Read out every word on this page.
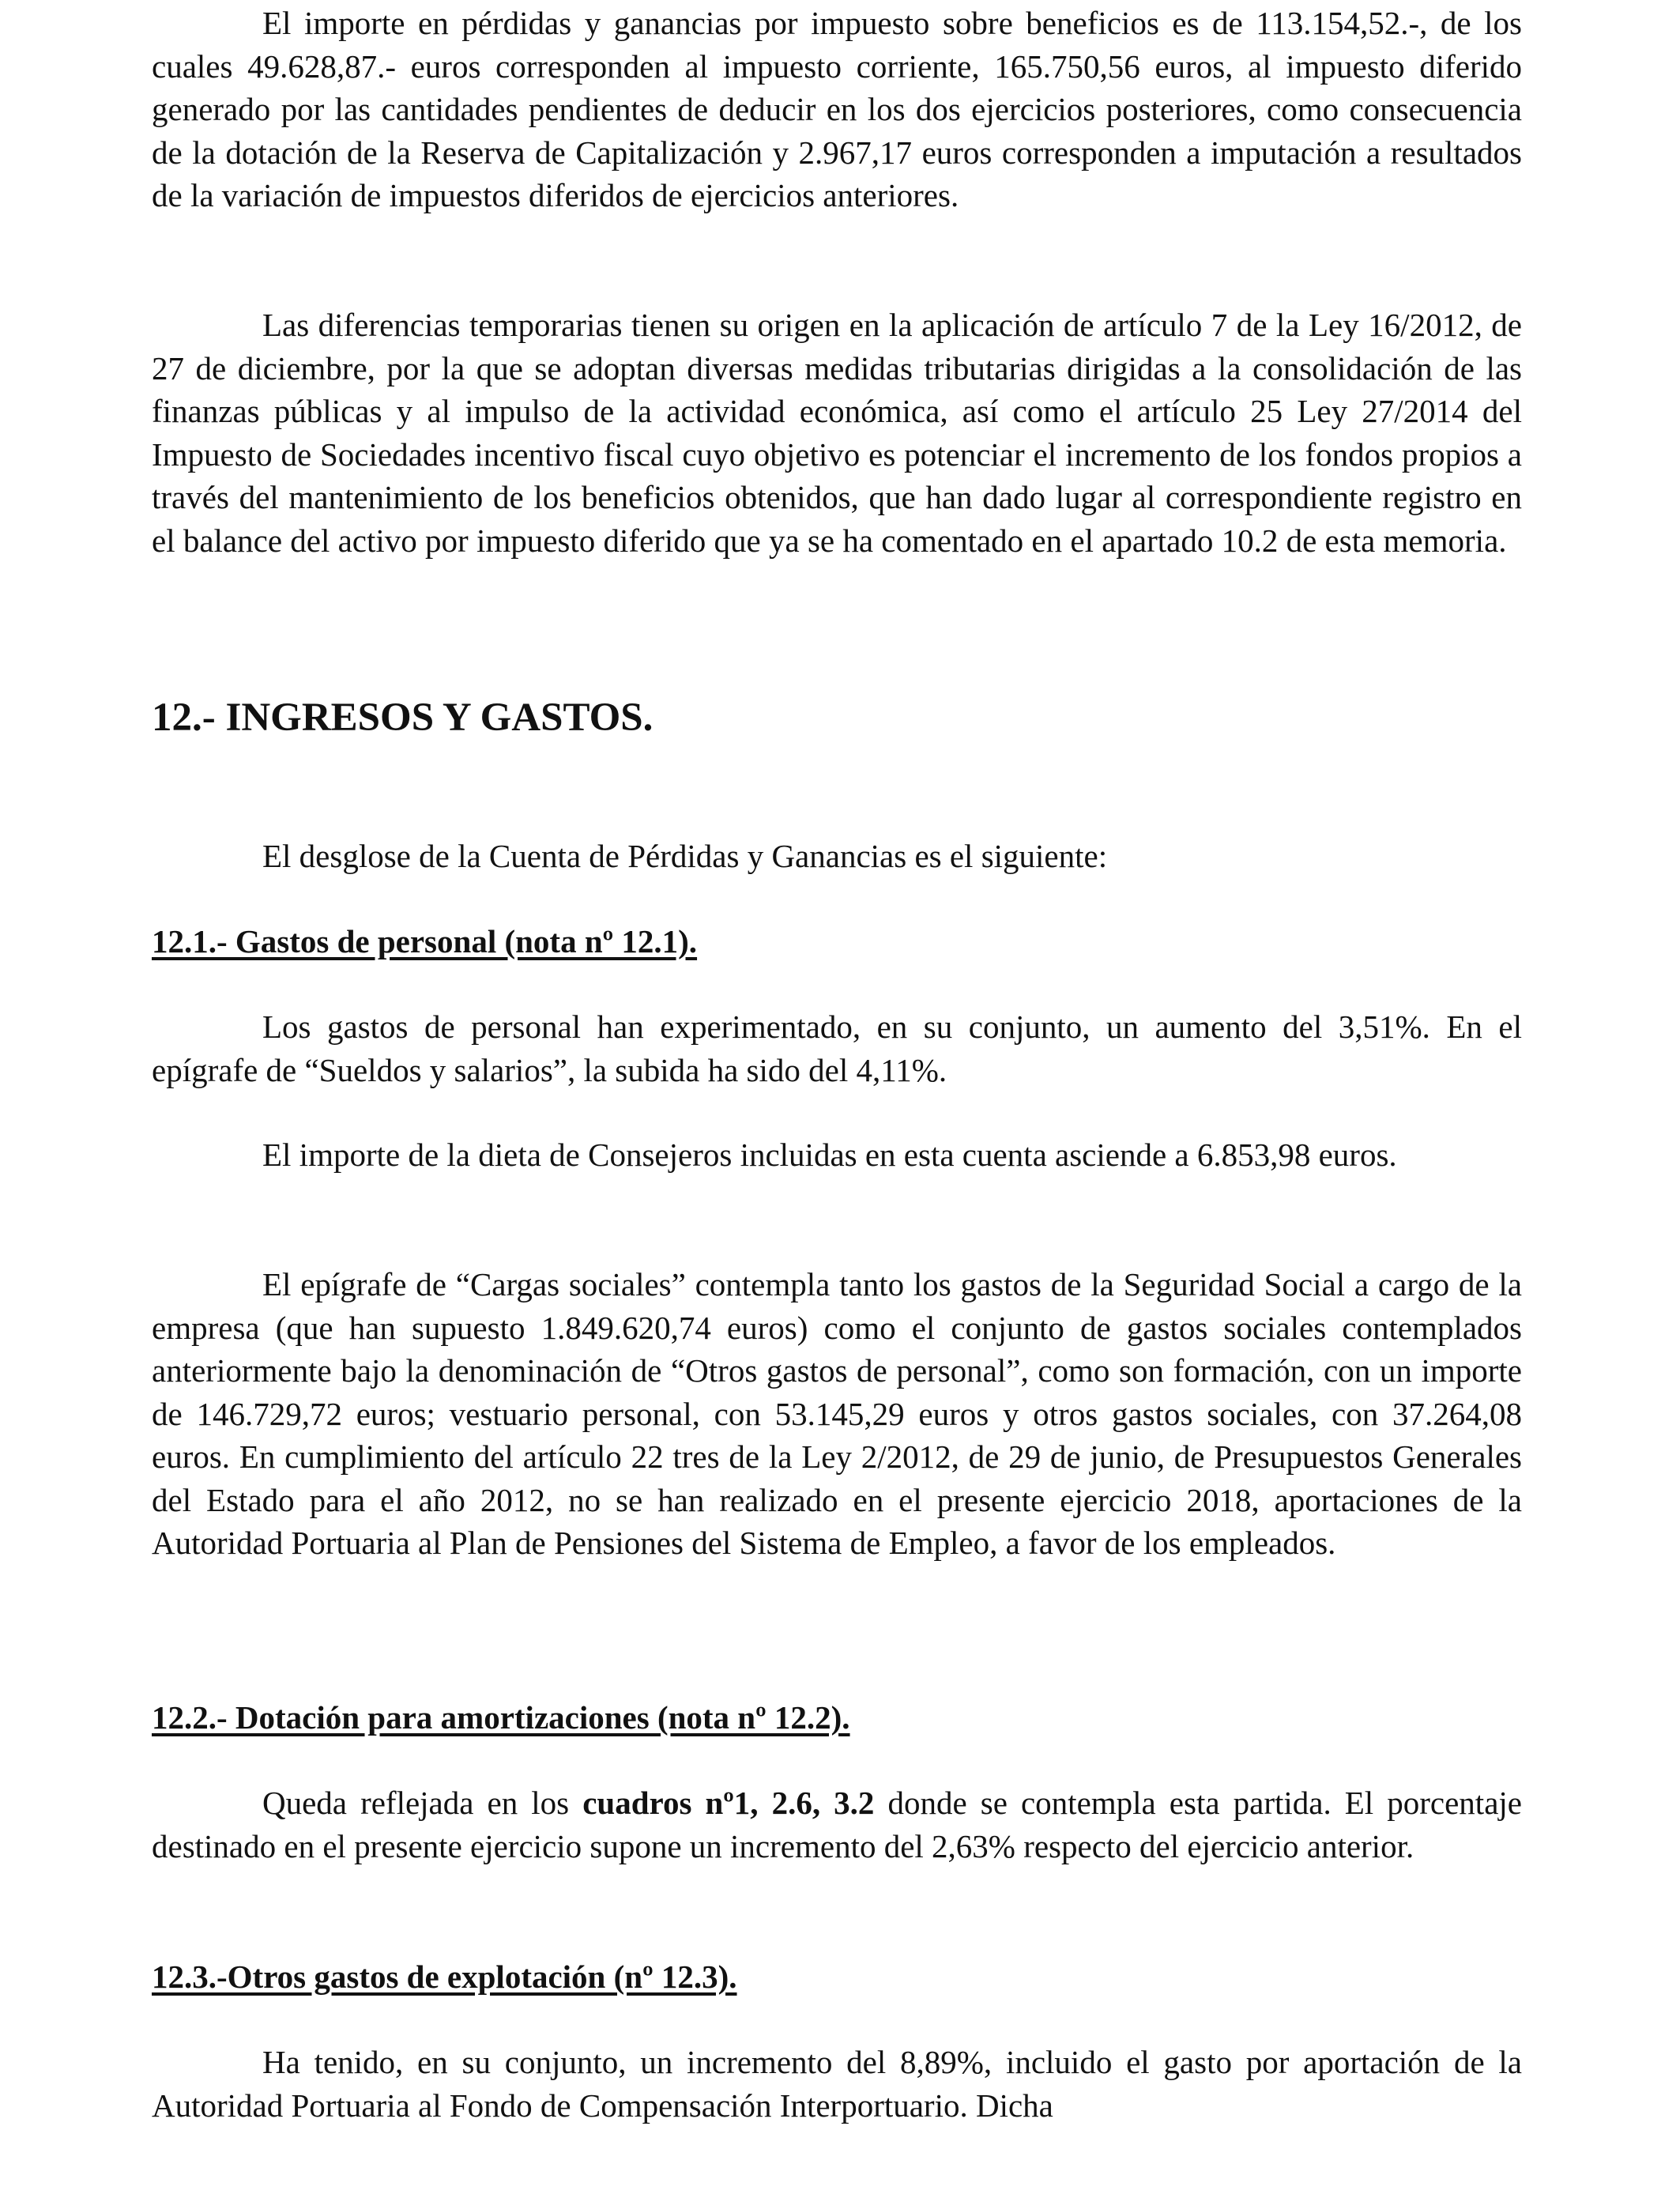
El importe en pérdidas y ganancias por impuesto sobre beneficios es de 113.154,52.-, de los cuales 49.628,87.- euros corresponden al impuesto corriente, 165.750,56 euros, al impuesto diferido generado por las cantidades pendientes de deducir en los dos ejercicios posteriores, como consecuencia de la dotación de la Reserva de Capitalización y 2.967,17 euros corresponden a imputación a resultados de la variación de impuestos diferidos de ejercicios anteriores.

Las diferencias temporarias tienen su origen en la aplicación de artículo 7 de la Ley 16/2012, de 27 de diciembre, por la que se adoptan diversas medidas tributarias dirigidas a la consolidación de las finanzas públicas y al impulso de la actividad económica, así como el artículo 25 Ley 27/2014 del Impuesto de Sociedades incentivo fiscal cuyo objetivo es potenciar el incremento de los fondos propios a través del mantenimiento de los beneficios obtenidos, que han dado lugar al correspondiente registro en el balance del activo por impuesto diferido que ya se ha comentado en el apartado 10.2 de esta memoria.

12.- INGRESOS Y GASTOS.

El desglose de la Cuenta de Pérdidas y Ganancias es el siguiente:

12.1.- Gastos de personal (nota nº 12.1).

Los gastos de personal han experimentado, en su conjunto, un aumento del 3,51%. En el epígrafe de “Sueldos y salarios”, la subida ha sido del 4,11%.

El importe de la dieta de Consejeros incluidas en esta cuenta asciende a 6.853,98 euros.

El epígrafe de “Cargas sociales” contempla tanto los gastos de la Seguridad Social a cargo de la empresa (que han supuesto 1.849.620,74 euros) como el conjunto de gastos sociales contemplados anteriormente bajo la denominación de “Otros gastos de personal”, como son formación, con un importe de 146.729,72 euros; vestuario personal, con 53.145,29 euros y otros gastos sociales, con 37.264,08 euros. En cumplimiento del artículo 22 tres de la Ley 2/2012, de 29 de junio, de Presupuestos Generales del Estado para el año 2012, no se han realizado en el presente ejercicio 2018, aportaciones de la Autoridad Portuaria al Plan de Pensiones del Sistema de Empleo, a favor de los empleados.

12.2.- Dotación para amortizaciones (nota nº 12.2).

Queda reflejada en los cuadros nº1, 2.6, 3.2 donde se contempla esta partida. El porcentaje destinado en el presente ejercicio supone un incremento del 2,63% respecto del ejercicio anterior.

12.3.-Otros gastos de explotación (nº 12.3).

Ha tenido, en su conjunto, un incremento del 8,89%, incluido el gasto por aportación de la Autoridad Portuaria al Fondo de Compensación Interportuario. Dicha
